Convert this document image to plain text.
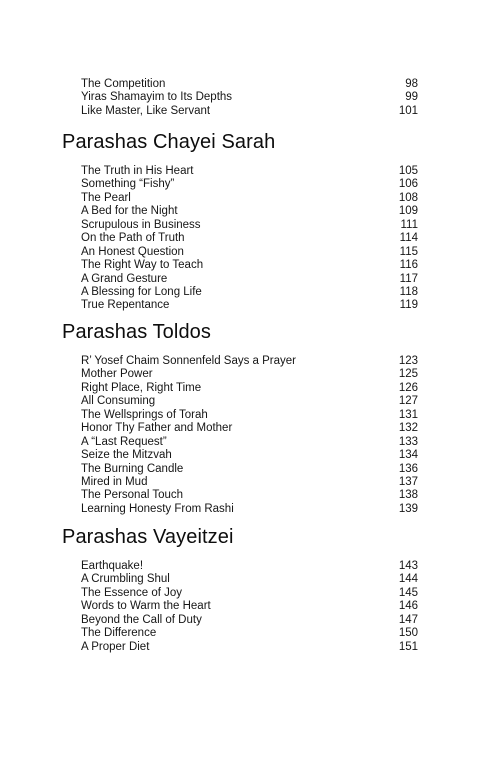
The Competition	98
Yiras Shamayim to Its Depths	99
Like Master, Like Servant	101
Parashas Chayei Sarah
The Truth in His Heart	105
Something “Fishy”	106
The Pearl	108
A Bed for the Night	109
Scrupulous in Business	111
On the Path of Truth	114
An Honest Question	115
The Right Way to Teach	116
A Grand Gesture	117
A Blessing for Long Life	118
True Repentance	119
Parashas Toldos
R’ Yosef Chaim Sonnenfeld Says a Prayer	123
Mother Power	125
Right Place, Right Time	126
All Consuming	127
The Wellsprings of Torah	131
Honor Thy Father and Mother	132
A “Last Request”	133
Seize the Mitzvah	134
The Burning Candle	136
Mired in Mud	137
The Personal Touch	138
Learning Honesty From Rashi	139
Parashas Vayeitzei
Earthquake!	143
A Crumbling Shul	144
The Essence of Joy	145
Words to Warm the Heart	146
Beyond the Call of Duty	147
The Difference	150
A Proper Diet	151
